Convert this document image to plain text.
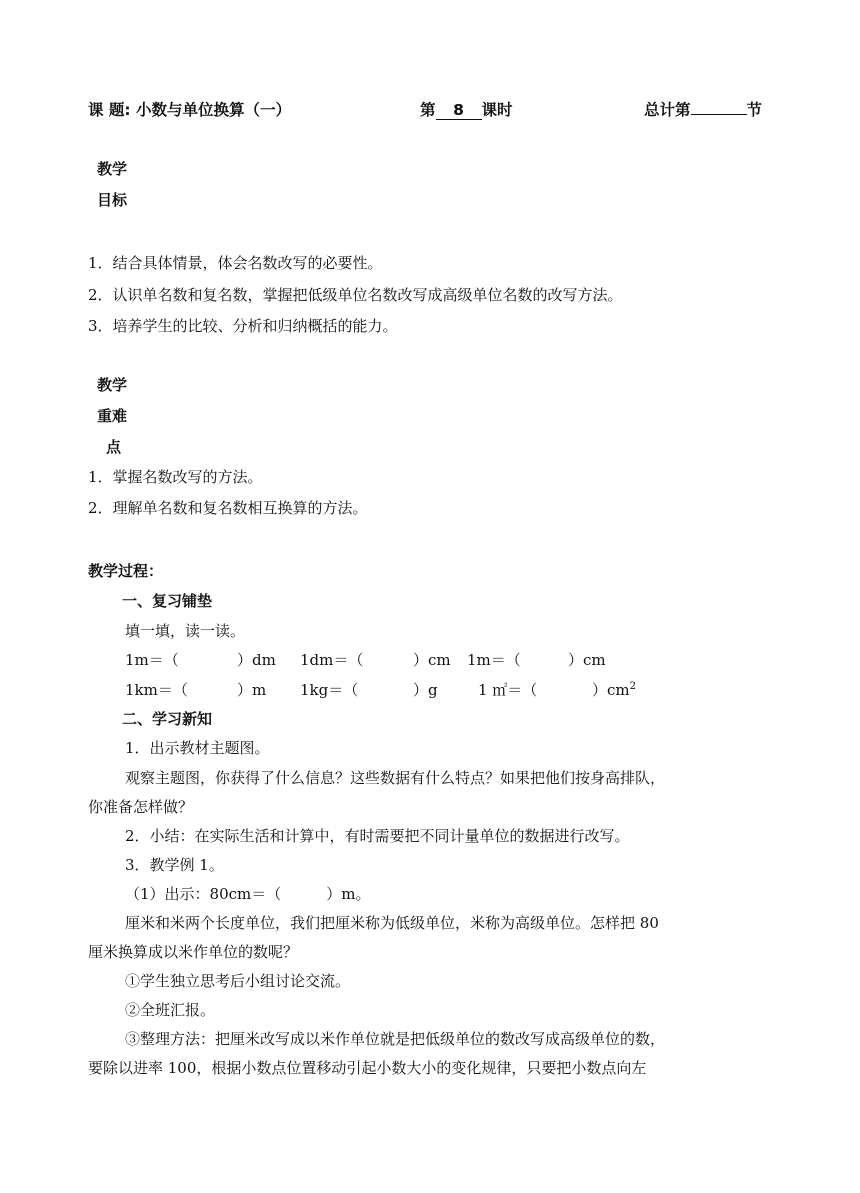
课 题: 小数与单位换算（一）	第 8 课时	总计第	节
教学
目标
1．结合具体情景，体会名数改写的必要性。
2．认识单名数和复名数，掌握把低级单位名数改写成高级单位名数的改写方法。
3．培养学生的比较、分析和归纳概括的能力。
教学
重难
点
1．掌握名数改写的方法。
2．理解单名数和复名数相互换算的方法。
教学过程：
一、复习铺垫
填一填，读一读。
1m＝（	）dm 1dm＝（	）cm 1m＝（	）cm
1km＝（	）m 1kg＝（	）g	1 ㎡＝（	）$cm^2$
二、学习新知
1．出示教材主题图。
观察主题图，你获得了什么信息？这些数据有什么特点？如果把他们按身高排队，
你准备怎样做？
2．小结：在实际生活和计算中，有时需要把不同计量单位的数据进行改写。
3．教学例 1。
（1）出示：80cm＝（　　　）m。
厘米和米两个长度单位，我们把厘米称为低级单位，米称为高级单位。怎样把 80
厘米换算成以米作单位的数呢？
①学生独立思考后小组讨论交流。
②全班汇报。
③整理方法：把厘米改写成以米作单位就是把低级单位的数改写成高级单位的数，
要除以进率 100，根据小数点位置移动引起小数大小的变化规律，只要把小数点向左
